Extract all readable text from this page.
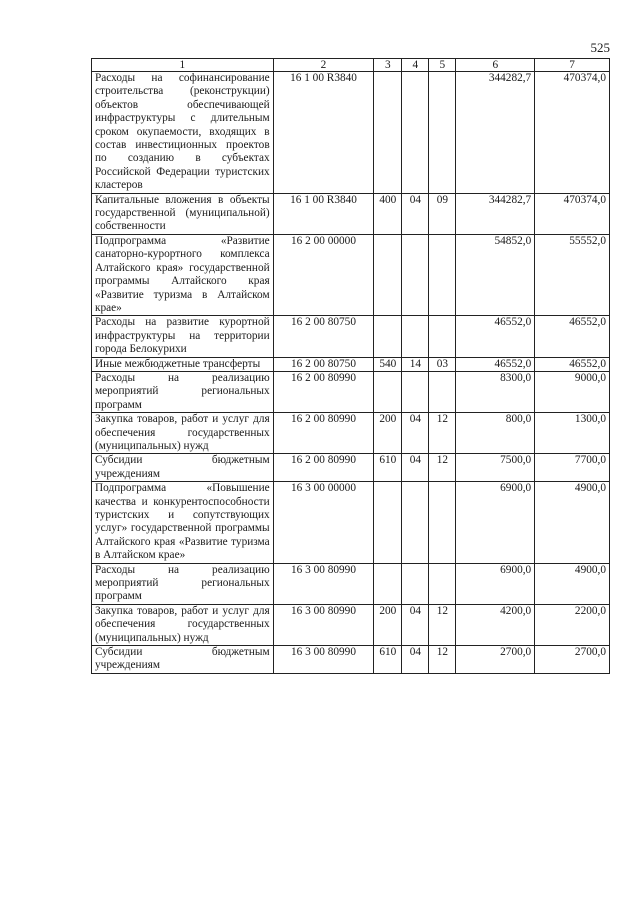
525
1	2	3	4	5	6	7
Расходы на софинансирование строительства (реконструкции) объектов обеспечивающей инфраструктуры с длительным сроком окупаемости, входящих в состав инвестиционных проектов по созданию в субъектах Российской Федерации туристских кластеров	16 1 00 R3840				344282,7	470374,0
Капитальные вложения в объекты государственной (муниципальной) собственности	16 1 00 R3840	400	04	09	344282,7	470374,0
Подпрограмма «Развитие санаторно-курортного комплекса Алтайского края» государственной программы Алтайского края «Развитие туризма в Алтайском крае»	16 2 00 00000				54852,0	55552,0
Расходы на развитие курортной инфраструктуры на территории города Белокурихи	16 2 00 80750				46552,0	46552,0
Иные межбюджетные трансферты	16 2 00 80750	540	14	03	46552,0	46552,0
Расходы на реализацию мероприятий региональных программ	16 2 00 80990				8300,0	9000,0
Закупка товаров, работ и услуг для обеспечения государственных (муниципальных) нужд	16 2 00 80990	200	04	12	800,0	1300,0
Субсидии бюджетным учреждениям	16 2 00 80990	610	04	12	7500,0	7700,0
Подпрограмма «Повышение качества и конкурентоспособности туристских и сопутствующих услуг» государственной программы Алтайского края «Развитие туризма в Алтайском крае»	16 3 00 00000				6900,0	4900,0
Расходы на реализацию мероприятий региональных программ	16 3 00 80990				6900,0	4900,0
Закупка товаров, работ и услуг для обеспечения государственных (муниципальных) нужд	16 3 00 80990	200	04	12	4200,0	2200,0
Субсидии бюджетным учреждениям	16 3 00 80990	610	04	12	2700,0	2700,0
